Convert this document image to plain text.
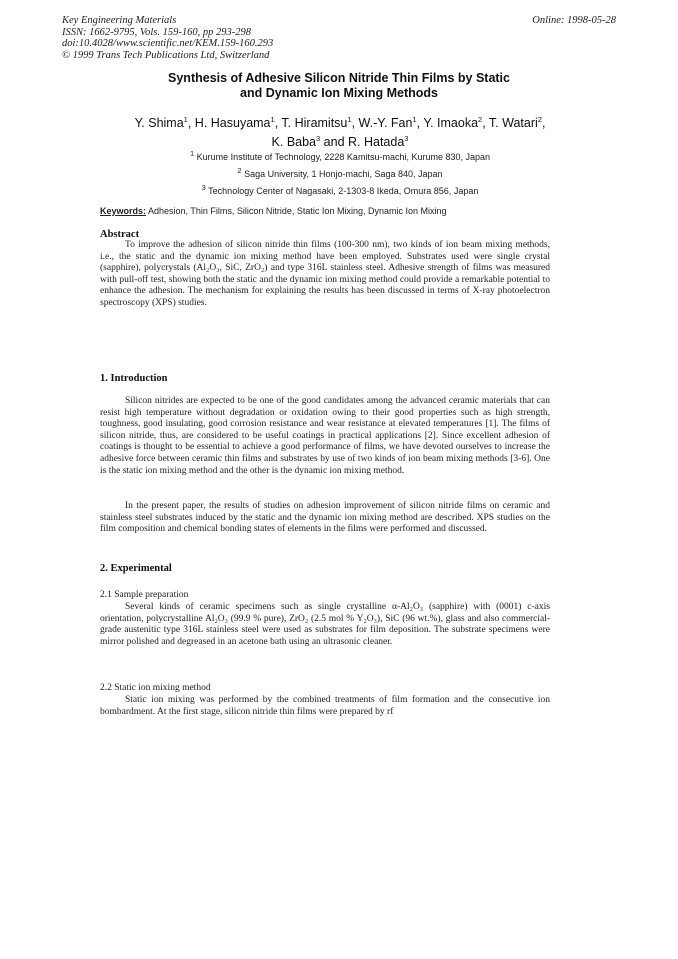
Key Engineering Materials
ISSN: 1662-9795, Vols. 159-160, pp 293-298
doi:10.4028/www.scientific.net/KEM.159-160.293
© 1999 Trans Tech Publications Ltd, Switzerland
Online: 1998-05-28
Synthesis of Adhesive Silicon Nitride Thin Films by Static
and Dynamic Ion Mixing Methods
Y. Shima$^1$, H. Hasuyama$^1$, T. Hiramitsu$^1$, W.-Y. Fan$^1$, Y. Imaoka$^2$, T. Watari$^2$,
K. Baba$^3$ and R. Hatada$^3$
$^1$ Kurume Institute of Technology, 2228 Kamitsu-machi, Kurume 830, Japan
$^2$ Saga University, 1 Honjo-machi, Saga 840, Japan
$^3$ Technology Center of Nagasaki, 2-1303-8 Ikeda, Omura 856, Japan
Keywords: Adhesion, Thin Films, Silicon Nitride, Static Ion Mixing, Dynamic Ion Mixing
Abstract

To improve the adhesion of silicon nitride thin films (100-300 nm), two kinds of ion beam mixing methods, i.e., the static and the dynamic ion mixing method have been employed. Substrates used were single crystal (sapphire), polycrystals (Al₂O₃, SiC, ZrO₂) and type 316L stainless steel. Adhesive strength of films was measured with pull-off test, showing both the static and the dynamic ion mixing method could provide a remarkable potential to enhance the adhesion. The mechanism for explaining the results has been discussed in terms of X-ray photoelectron spectroscopy (XPS) studies.

1. Introduction

Silicon nitrides are expected to be one of the good candidates among the advanced ceramic materials that can resist high temperature without degradation or oxidation owing to their good properties such as high strength, toughness, good insulating, good corrosion resistance and wear resistance at elevated temperatures [1]. The films of silicon nitride, thus, are considered to be useful coatings in practical applications [2]. Since excellent adhesion of coatings is thought to be essential to achieve a good performance of films, we have devoted ourselves to increase the adhesive force between ceramic thin films and substrates by use of two kinds of ion beam mixing methods [3-6]. One is the static ion mixing method and the other is the dynamic ion mixing method.

In the present paper, the results of studies on adhesion improvement of silicon nitride films on ceramic and stainless steel substrates induced by the static and the dynamic ion mixing method are described. XPS studies on the film composition and chemical bonding states of elements in the films were performed and discussed.

2. Experimental
2.1 Sample preparation

Several kinds of ceramic specimens such as single crystalline α-Al₂O₃ (sapphire) with (0001) c-axis orientation, polycrystalline Al₂O₃ (99.9 % pure), ZrO₂ (2.5 mol % Y₂O₃), SiC (96 wt.%), glass and also commercial-grade austenitic type 316L stainless steel were used as substrates for film deposition. The substrate specimens were mirror polished and degreased in an acetone bath using an ultrasonic cleaner.

2.2 Static ion mixing method

Static ion mixing was performed by the combined treatments of film formation and the consecutive ion bombardment. At the first stage, silicon nitride thin films were prepared by rf
